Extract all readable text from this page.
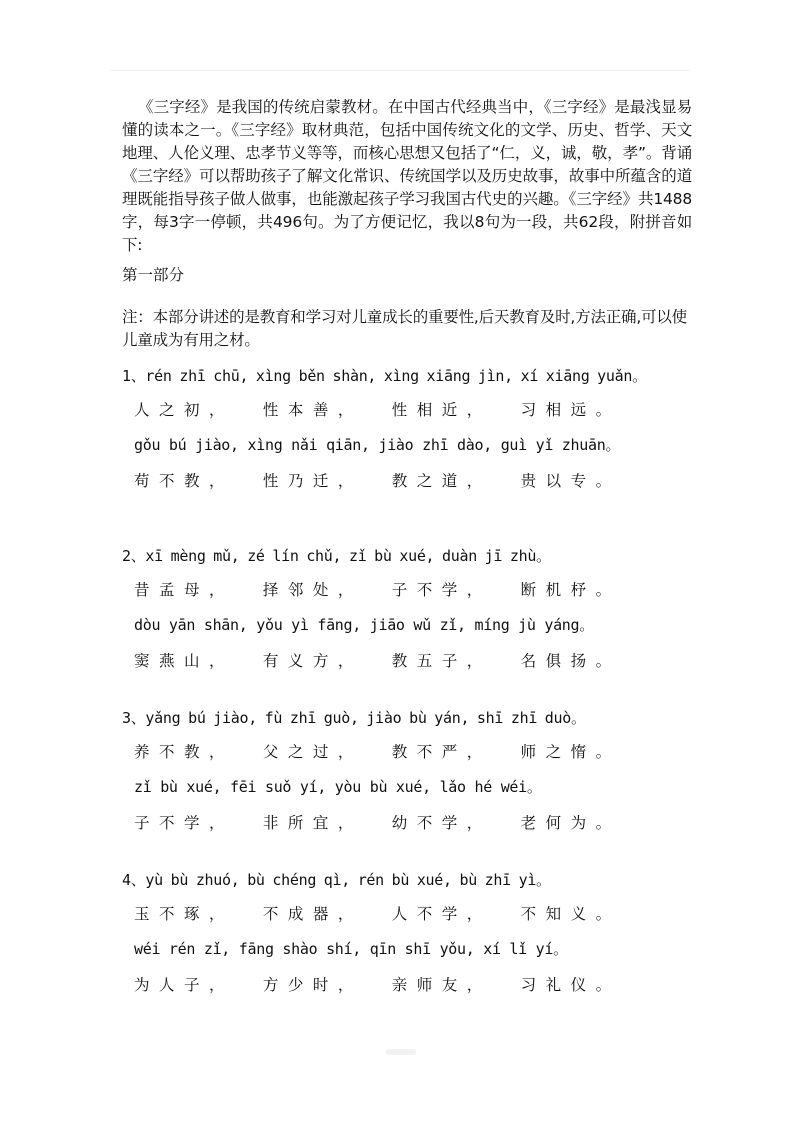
《三字经》是我国的传统启蒙教材。在中国古代经典当中，《三字经》是最浅显易懂的读本之一。《三字经》取材典范，包括中国传统文化的文学、历史、哲学、天文地理、人伦义理、忠孝节义等等，而核心思想又包括了“仁，义，诚，敬，孝”。背诵《三字经》可以帮助孩子了解文化常识、传统国学以及历史故事，故事中所蕴含的道理既能指导孩子做人做事，也能激起孩子学习我国古代史的兴趣。《三字经》共1488字，每3字一停顿，共496句。为了方便记忆，我以8句为一段，共62段，附拼音如下:

第一部分

注：本部分讲述的是教育和学习对儿童成长的重要性,后天教育及时,方法正确,可以使儿童成为有用之材。

1、rén zhī chū, xìng běn shàn, xìng xiāng jìn, xí xiāng yuǎn。

人之初，  性本善，  性相近，  习相远。

gǒu bú jiào, xìng nǎi qiān, jiào zhī dào, guì yǐ zhuān。

苟不教，  性乃迁，  教之道，  贵以专。

2、xī mèng mǔ, zé lín chǔ, zǐ bù xué, duàn jī zhù。

昔孟母，  择邻处，  子不学，  断机杼。

dòu yān shān, yǒu yì fāng, jiāo wǔ zǐ, míng jù yáng。

窦燕山，  有义方，  教五子，  名俱扬。

3、yǎng bú jiào, fù zhī guò, jiào bù yán, shī zhī duò。

养不教，  父之过，  教不严，  师之惰。

zǐ bù xué, fēi suǒ yí, yòu bù xué, lǎo hé wéi。

子不学，  非所宜，  幼不学，  老何为。

4、yù bù zhuó, bù chéng qì, rén bù xué, bù zhī yì。

玉不琢，  不成器，  人不学，  不知义。

wéi rén zǐ, fāng shào shí, qīn shī yǒu, xí lǐ yí。

为人子，  方少时，  亲师友，  习礼仪。
